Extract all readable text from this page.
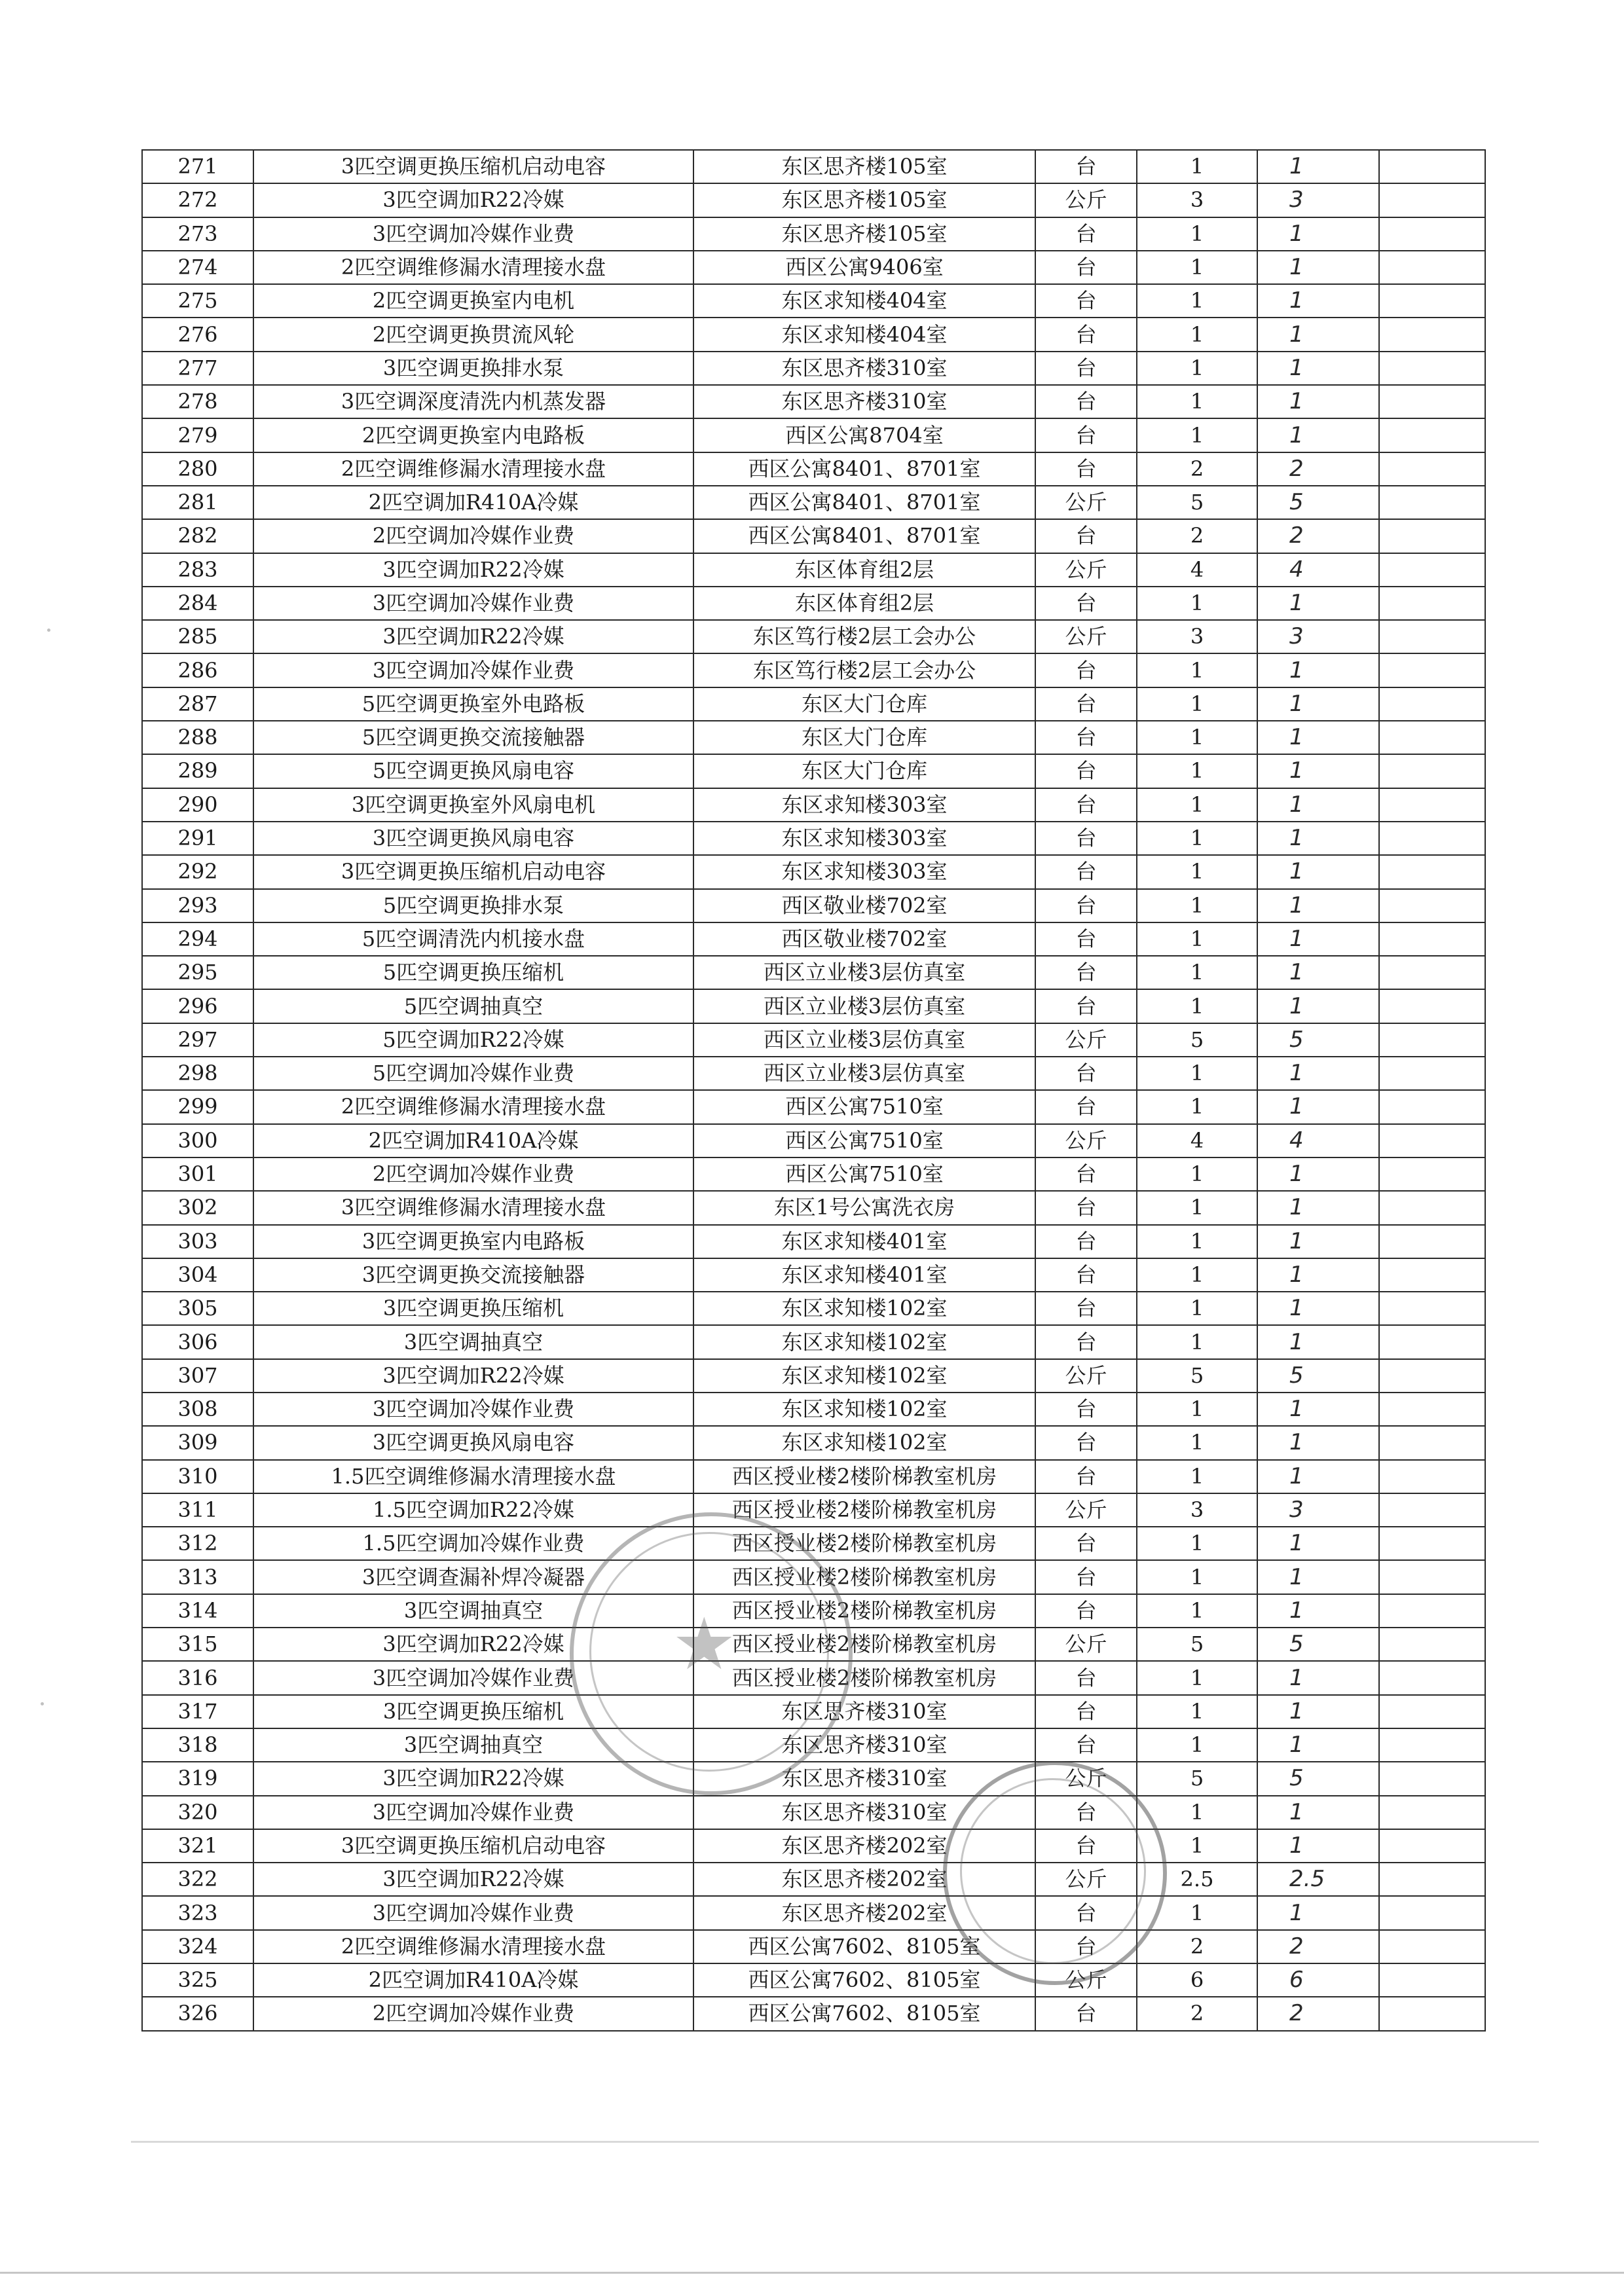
271	3匹空调更换压缩机启动电容	东区思齐楼105室	台	1	1	
272	3匹空调加R22冷媒	东区思齐楼105室	公斤	3	3	
273	3匹空调加冷媒作业费	东区思齐楼105室	台	1	1	
274	2匹空调维修漏水清理接水盘	西区公寓9406室	台	1	1	
275	2匹空调更换室内电机	东区求知楼404室	台	1	1	
276	2匹空调更换贯流风轮	东区求知楼404室	台	1	1	
277	3匹空调更换排水泵	东区思齐楼310室	台	1	1	
278	3匹空调深度清洗内机蒸发器	东区思齐楼310室	台	1	1	
279	2匹空调更换室内电路板	西区公寓8704室	台	1	1	
280	2匹空调维修漏水清理接水盘	西区公寓8401、8701室	台	2	2	
281	2匹空调加R410A冷媒	西区公寓8401、8701室	公斤	5	5	
282	2匹空调加冷媒作业费	西区公寓8401、8701室	台	2	2	
283	3匹空调加R22冷媒	东区体育组2层	公斤	4	4	
284	3匹空调加冷媒作业费	东区体育组2层	台	1	1	
285	3匹空调加R22冷媒	东区笃行楼2层工会办公	公斤	3	3	
286	3匹空调加冷媒作业费	东区笃行楼2层工会办公	台	1	1	
287	5匹空调更换室外电路板	东区大门仓库	台	1	1	
288	5匹空调更换交流接触器	东区大门仓库	台	1	1	
289	5匹空调更换风扇电容	东区大门仓库	台	1	1	
290	3匹空调更换室外风扇电机	东区求知楼303室	台	1	1	
291	3匹空调更换风扇电容	东区求知楼303室	台	1	1	
292	3匹空调更换压缩机启动电容	东区求知楼303室	台	1	1	
293	5匹空调更换排水泵	西区敬业楼702室	台	1	1	
294	5匹空调清洗内机接水盘	西区敬业楼702室	台	1	1	
295	5匹空调更换压缩机	西区立业楼3层仿真室	台	1	1	
296	5匹空调抽真空	西区立业楼3层仿真室	台	1	1	
297	5匹空调加R22冷媒	西区立业楼3层仿真室	公斤	5	5	
298	5匹空调加冷媒作业费	西区立业楼3层仿真室	台	1	1	
299	2匹空调维修漏水清理接水盘	西区公寓7510室	台	1	1	
300	2匹空调加R410A冷媒	西区公寓7510室	公斤	4	4	
301	2匹空调加冷媒作业费	西区公寓7510室	台	1	1	
302	3匹空调维修漏水清理接水盘	东区1号公寓洗衣房	台	1	1	
303	3匹空调更换室内电路板	东区求知楼401室	台	1	1	
304	3匹空调更换交流接触器	东区求知楼401室	台	1	1	
305	3匹空调更换压缩机	东区求知楼102室	台	1	1	
306	3匹空调抽真空	东区求知楼102室	台	1	1	
307	3匹空调加R22冷媒	东区求知楼102室	公斤	5	5	
308	3匹空调加冷媒作业费	东区求知楼102室	台	1	1	
309	3匹空调更换风扇电容	东区求知楼102室	台	1	1	
310	1.5匹空调维修漏水清理接水盘	西区授业楼2楼阶梯教室机房	台	1	1	
311	1.5匹空调加R22冷媒	西区授业楼2楼阶梯教室机房	公斤	3	3	
312	1.5匹空调加冷媒作业费	西区授业楼2楼阶梯教室机房	台	1	1	
313	3匹空调查漏补焊冷凝器	西区授业楼2楼阶梯教室机房	台	1	1	
314	3匹空调抽真空	西区授业楼2楼阶梯教室机房	台	1	1	
315	3匹空调加R22冷媒	西区授业楼2楼阶梯教室机房	公斤	5	5	
316	3匹空调加冷媒作业费	西区授业楼2楼阶梯教室机房	台	1	1	
317	3匹空调更换压缩机	东区思齐楼310室	台	1	1	
318	3匹空调抽真空	东区思齐楼310室	台	1	1	
319	3匹空调加R22冷媒	东区思齐楼310室	公斤	5	5	
320	3匹空调加冷媒作业费	东区思齐楼310室	台	1	1	
321	3匹空调更换压缩机启动电容	东区思齐楼202室	台	1	1	
322	3匹空调加R22冷媒	东区思齐楼202室	公斤	2.5	2.5	
323	3匹空调加冷媒作业费	东区思齐楼202室	台	1	1	
324	2匹空调维修漏水清理接水盘	西区公寓7602、8105室	台	2	2	
325	2匹空调加R410A冷媒	西区公寓7602、8105室	公斤	6	6	
326	2匹空调加冷媒作业费	西区公寓7602、8105室	台	2	2	
★
